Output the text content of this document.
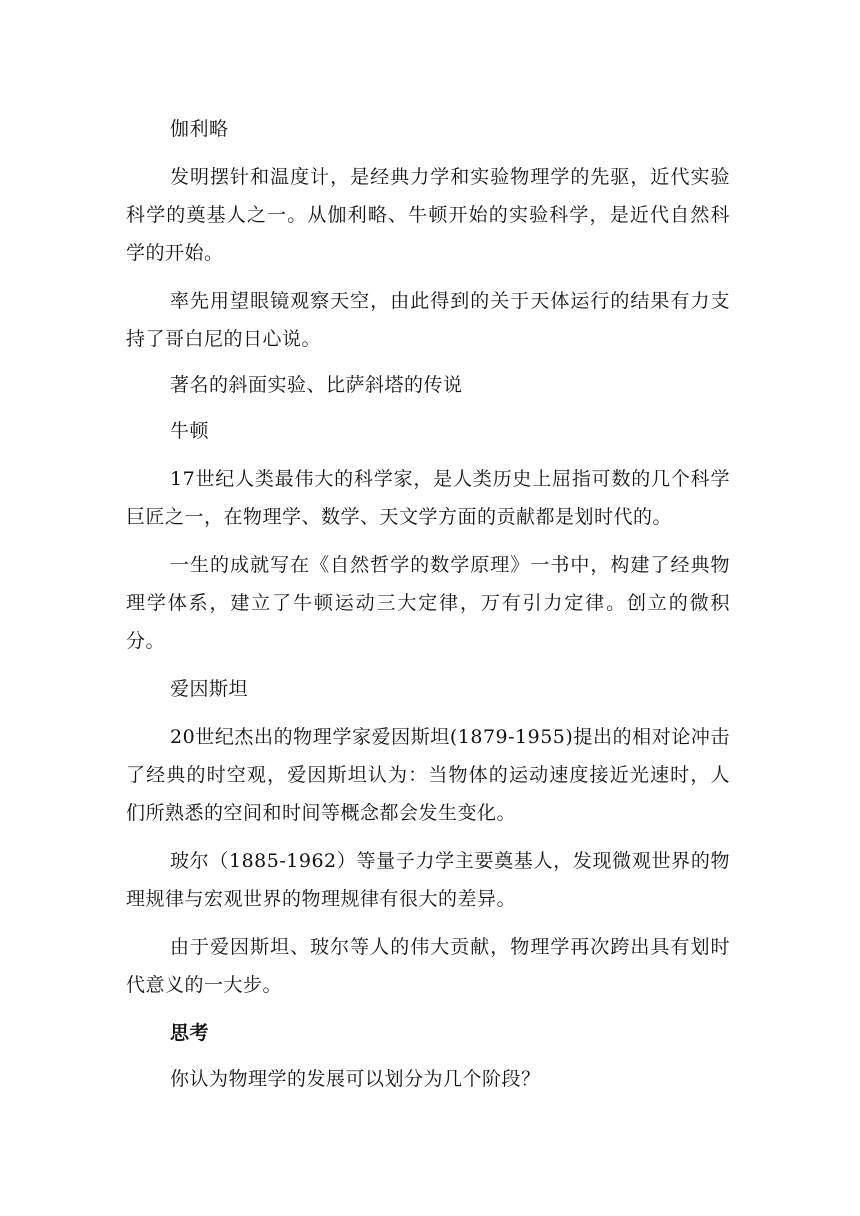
伽利略

发明摆针和温度计，是经典力学和实验物理学的先驱，近代实验科学的奠基人之一。从伽利略、牛顿开始的实验科学，是近代自然科学的开始。

率先用望眼镜观察天空，由此得到的关于天体运行的结果有力支持了哥白尼的日心说。

著名的斜面实验、比萨斜塔的传说

牛顿

17世纪人类最伟大的科学家，是人类历史上屈指可数的几个科学巨匠之一，在物理学、数学、天文学方面的贡献都是划时代的。

一生的成就写在《自然哲学的数学原理》一书中，构建了经典物理学体系，建立了牛顿运动三大定律，万有引力定律。创立的微积分。

爱因斯坦

20世纪杰出的物理学家爱因斯坦(1879-1955)提出的相对论冲击了经典的时空观，爱因斯坦认为：当物体的运动速度接近光速时，人们所熟悉的空间和时间等概念都会发生变化。

玻尔（1885-1962）等量子力学主要奠基人，发现微观世界的物理规律与宏观世界的物理规律有很大的差异。

由于爱因斯坦、玻尔等人的伟大贡献，物理学再次跨出具有划时代意义的一大步。

思考

你认为物理学的发展可以划分为几个阶段？
